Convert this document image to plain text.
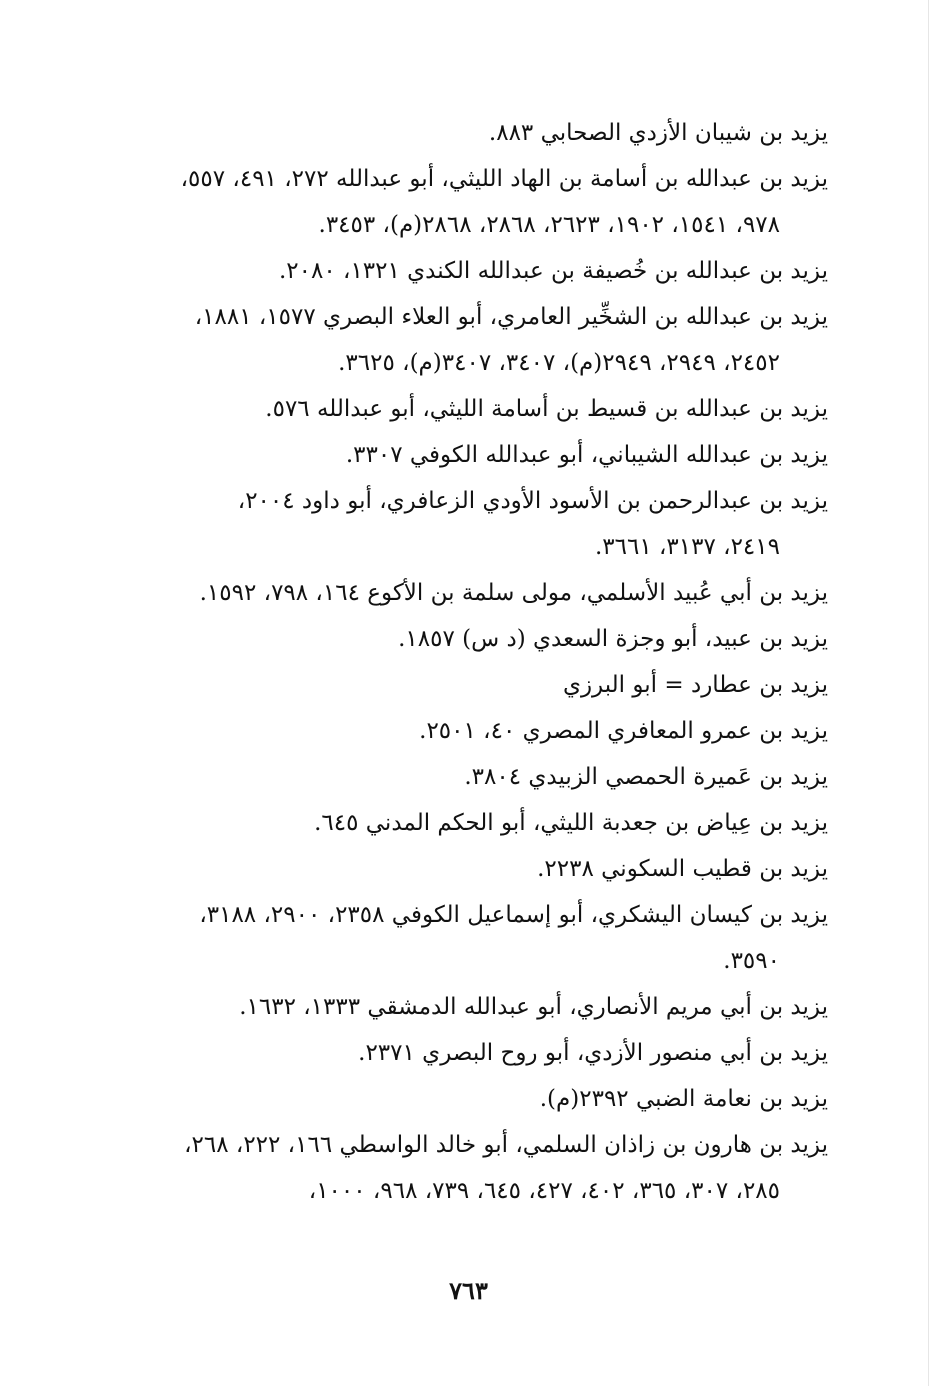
يزيد بن شيبان الأزدي الصحابي ٨٨٣.

يزيد بن عبدالله بن أسامة بن الهاد الليثي، أبو عبدالله ٢٧٢، ٤٩١، ٥٥٧،
٩٧٨، ١٥٤١، ١٩٠٢، ٢٦٢٣، ٢٨٦٨، ٢٨٦٨(م)، ٣٤٥٣.

يزيد بن عبدالله بن خُصيفة بن عبدالله الكندي ١٣٢١، ٢٠٨٠.

يزيد بن عبدالله بن الشخِّير العامري، أبو العلاء البصري ١٥٧٧، ١٨٨١،
٢٤٥٢، ٢٩٤٩، ٢٩٤٩(م)، ٣٤٠٧، ٣٤٠٧(م)، ٣٦٢٥.

يزيد بن عبدالله بن قسيط بن أسامة الليثي، أبو عبدالله ٥٧٦.

يزيد بن عبدالله الشيباني، أبو عبدالله الكوفي ٣٣٠٧.

يزيد بن عبدالرحمن بن الأسود الأودي الزعافري، أبو داود ٢٠٠٤،
٢٤١٩، ٣١٣٧، ٣٦٦١.

يزيد بن أبي عُبيد الأسلمي، مولى سلمة بن الأكوع ١٦٤، ٧٩٨، ١٥٩٢.

يزيد بن عبيد، أبو وجزة السعدي (د س) ١٨٥٧.

يزيد بن عطارد = أبو البرزي

يزيد بن عمرو المعافري المصري ٤٠، ٢٥٠١.

يزيد بن عَميرة الحمصي الزبيدي ٣٨٠٤.

يزيد بن عِياض بن جعدبة الليثي، أبو الحكم المدني ٦٤٥.

يزيد بن قطيب السكوني ٢٢٣٨.

يزيد بن كيسان اليشكري، أبو إسماعيل الكوفي ٢٣٥٨، ٢٩٠٠، ٣١٨٨،
٣٥٩٠.

يزيد بن أبي مريم الأنصاري، أبو عبدالله الدمشقي ١٣٣٣، ١٦٣٢.

يزيد بن أبي منصور الأزدي، أبو روح البصري ٢٣٧١.

يزيد بن نعامة الضبي ٢٣٩٢(م).

يزيد بن هارون بن زاذان السلمي، أبو خالد الواسطي ١٦٦، ٢٢٢، ٢٦٨،
٢٨٥، ٣٠٧، ٣٦٥، ٤٠٢، ٤٢٧، ٦٤٥، ٧٣٩، ٩٦٨، ١٠٠٠،

٧٦٣
